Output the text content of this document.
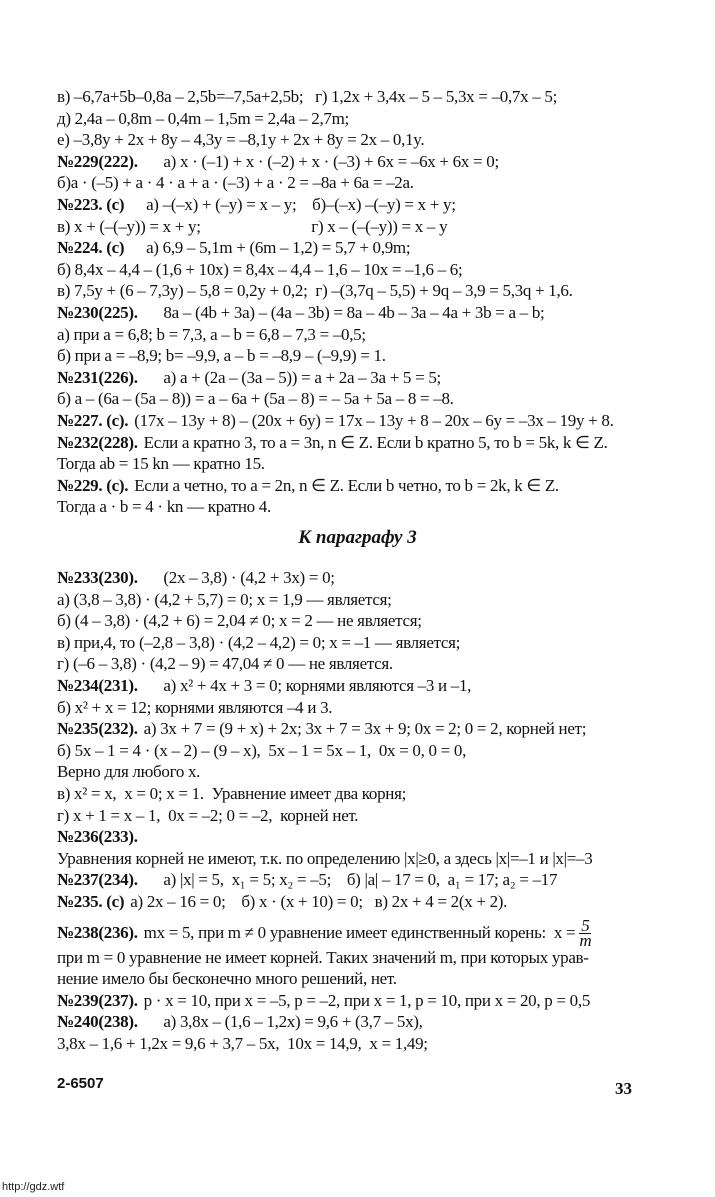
в) –6,7a+5b–0,8a – 2,5b=–7,5a+2,5b;   г) 1,2x + 3,4x – 5 – 5,3x = –0,7x – 5;
д) 2,4a – 0,8m – 0,4m – 1,5m = 2,4a – 2,7m;
е) –3,8y + 2x + 8y – 4,3y = –8,1y + 2x + 8y = 2x – 0,1y.
№229(222).     а) x · (–1) + x · (–2) + x · (–3) + 6x = –6x + 6x = 0;
б)a · (–5) + a · 4 · a + a · (–3) + a · 2 = –8a + 6a = –2a.
№223. (с)    а) –(–x) + (–y) = x – y;    б)–(–x) –(–y) = x + y;
в) x + (–(–y)) = x + y;                            г) x – (–(–y)) = x – y
№224. (с)    а) 6,9 – 5,1m + (6m – 1,2) = 5,7 + 0,9m;
б) 8,4x – 4,4 – (1,6 + 10x) = 8,4x – 4,4 – 1,6 – 10x = –1,6 – 6;
в) 7,5y + (6 – 7,3y) – 5,8 = 0,2y + 0,2;  г) –(3,7q – 5,5) + 9q – 3,9 = 5,3q + 1,6.
№230(225).     8a – (4b + 3a) – (4a – 3b) = 8a – 4b – 3a – 4a + 3b = a – b;
а) при a = 6,8; b = 7,3, a – b = 6,8 – 7,3 = –0,5;
б) при a = –8,9; b= –9,9, a – b = –8,9 – (–9,9) = 1.
№231(226).     а) a + (2a – (3a – 5)) = a + 2a – 3a + 5 = 5;
б) a – (6a – (5a – 8)) = a – 6a + (5a – 8) = – 5a + 5a – 8 = –8.
№227. (с). (17x – 13y + 8) – (20x + 6y) = 17x – 13y + 8 – 20x – 6y = –3x – 19y + 8.
№232(228). Если a кратно 3, то a = 3n, n ∈ Z. Если b кратно 5, то b = 5k, k ∈ Z.
Тогда ab = 15 kn — кратно 15.
№229. (с). Если a четно, то a = 2n, n ∈ Z. Если b четно, то b = 2k, k ∈ Z.
Тогда a · b = 4 · kn — кратно 4.
К параграфу 3
№233(230).     (2x – 3,8) · (4,2 + 3x) = 0;
а) (3,8 – 3,8) · (4,2 + 5,7) = 0; x = 1,9 — является;
б) (4 – 3,8) · (4,2 + 6) = 2,04 ≠ 0; x = 2 — не является;
в) при,4, то (–2,8 – 3,8) · (4,2 – 4,2) = 0; x = –1 — является;
г) (–6 – 3,8) · (4,2 – 9) = 47,04 ≠ 0 — не является.
№234(231).     а) x² + 4x + 3 = 0; корнями являются –3 и –1,
б) x² + x = 12; корнями являются –4 и 3.
№235(232). а) 3x + 7 = (9 + x) + 2x; 3x + 7 = 3x + 9; 0x = 2; 0 = 2, корней нет;
б) 5x – 1 = 4 · (x – 2) – (9 – x),  5x – 1 = 5x – 1,  0x = 0, 0 = 0,
Верно для любого x.
в) x² = x,  x = 0; x = 1.  Уравнение имеет два корня;
г) x + 1 = x – 1,  0x = –2; 0 = –2,  корней нет.
№236(233).
Уравнения корней не имеют, т.к. по определению |x|≥0, а здесь |x|=–1 и |x|=–3
№237(234).     а) |x| = 5,  x₁ = 5; x₂ = –5;    б) |a| – 17 = 0,  a₁ = 17; a₂ = –17
№235. (с) а) 2x – 16 = 0;    б) x · (x + 10) = 0;   в) 2x + 4 = 2(x + 2).
№238(236). mx = 5, при m ≠ 0 уравнение имеет единственный корень:  $x = \frac{5}{m}$
при m = 0 уравнение не имеет корней. Таких значений m, при которых урав-
нение имело бы бесконечно много решений, нет.
№239(237). p · x = 10, при x = –5, p = –2, при x = 1, p = 10, при x = 20, p = 0,5
№240(238).     а) 3,8x – (1,6 – 1,2x) = 9,6 + (3,7 – 5x),
3,8x – 1,6 + 1,2x = 9,6 + 3,7 – 5x,  10x = 14,9,  x = 1,49;
2-6507	33
http://gdz.wtf
